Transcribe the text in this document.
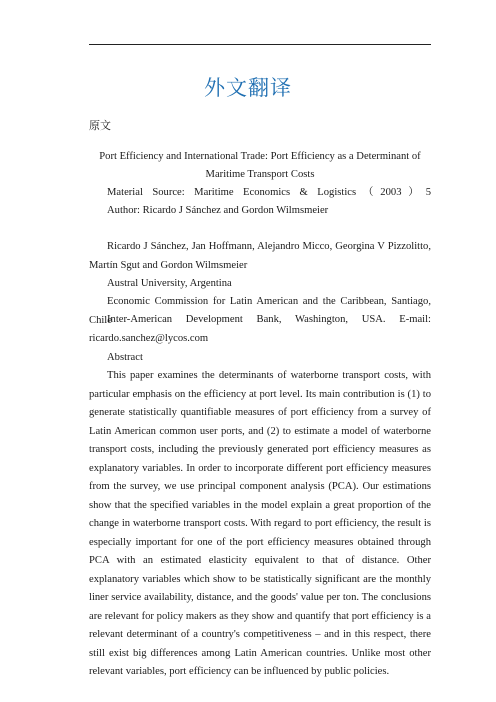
外文翻译
原文
Port Efficiency and International Trade: Port Efficiency as a Determinant of
Maritime Transport Costs
Material Source: Maritime Economics & Logistics（2003）5
Author: Ricardo J Sánchez and Gordon Wilmsmeier
Ricardo J Sánchez, Jan Hoffmann, Alejandro Micco, Georgina V Pizzolitto, Martín Sgut and Gordon Wilmsmeier
Austral University, Argentina
Economic Commission for Latin American and the Caribbean, Santiago, Chile
Inter-American Development Bank, Washington, USA. E-mail: ricardo.sanchez@lycos.com
Abstract
This paper examines the determinants of waterborne transport costs, with particular emphasis on the efficiency at port level. Its main contribution is (1) to generate statistically quantifiable measures of port efficiency from a survey of Latin American common user ports, and (2) to estimate a model of waterborne transport costs, including the previously generated port efficiency measures as explanatory variables. In order to incorporate different port efficiency measures from the survey, we use principal component analysis (PCA). Our estimations show that the specified variables in the model explain a great proportion of the change in waterborne transport costs. With regard to port efficiency, the result is especially important for one of the port efficiency measures obtained through PCA with an estimated elasticity equivalent to that of distance. Other explanatory variables which show to be statistically significant are the monthly liner service availability, distance, and the goods' value per ton. The conclusions are relevant for policy makers as they show and quantify that port efficiency is a relevant determinant of a country's competitiveness – and in this respect, there still exist big differences among Latin American countries. Unlike most other relevant variables, port efficiency can be influenced by public policies.
